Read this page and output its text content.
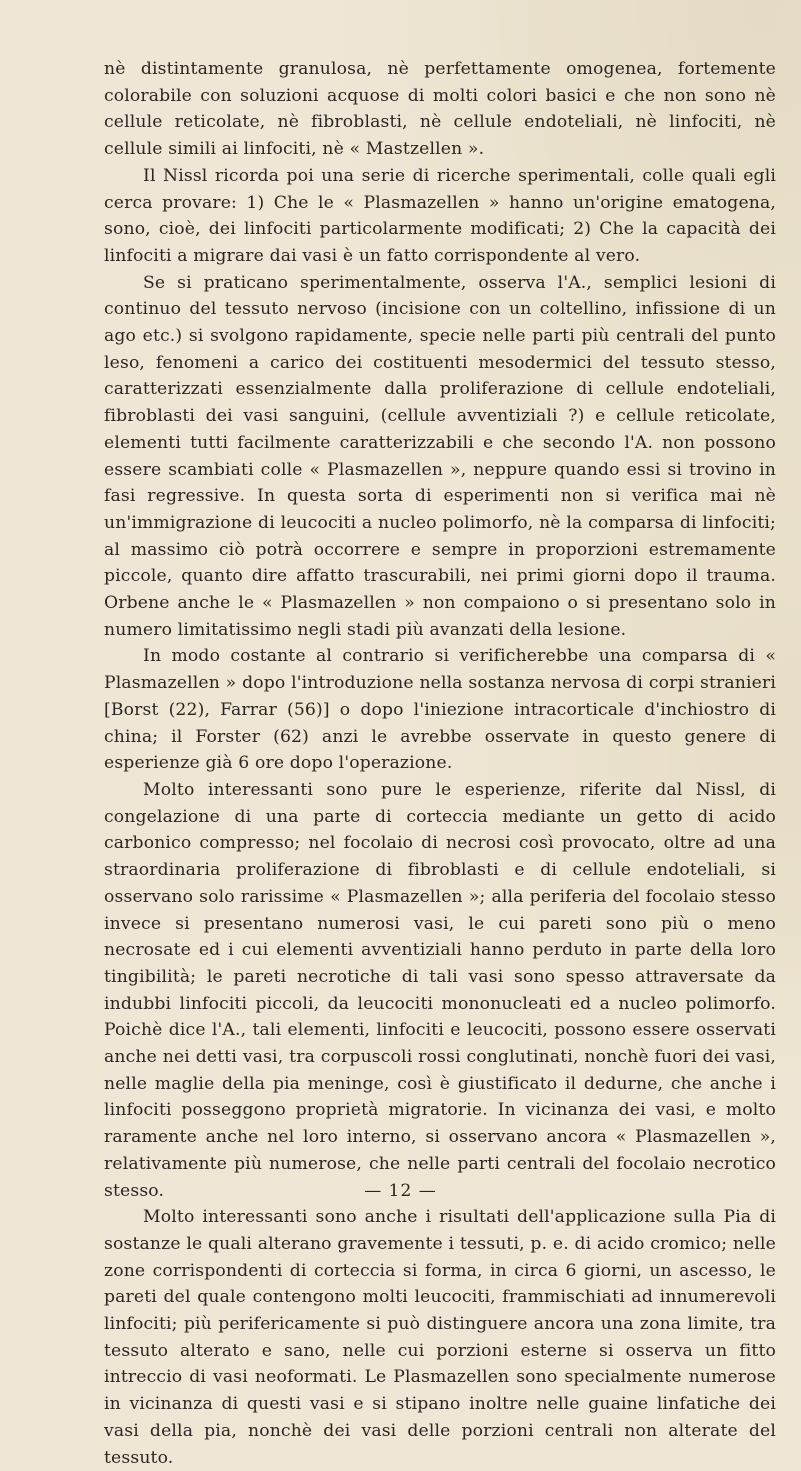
nè distintamente granulosa, nè perfettamente omogenea, fortemente colorabile con soluzioni acquose di molti colori basici e che non sono nè cellule reticolate, nè fibroblasti, nè cellule endoteliali, nè linfociti, nè cellule simili ai linfociti, nè « Mastzellen ».

Il Nissl ricorda poi una serie di ricerche sperimentali, colle quali egli cerca provare: 1) Che le « Plasmazellen » hanno un'origine ematogena, sono, cioè, dei linfociti particolarmente modificati; 2) Che la capacità dei linfociti a migrare dai vasi è un fatto corrispondente al vero.

Se si praticano sperimentalmente, osserva l'A., semplici lesioni di continuo del tessuto nervoso (incisione con un coltellino, infissione di un ago etc.) si svolgono rapidamente, specie nelle parti più centrali del punto leso, fenomeni a carico dei costituenti mesodermici del tessuto stesso, caratterizzati essenzialmente dalla proliferazione di cellule endoteliali, fibroblasti dei vasi sanguini, (cellule avventiziali ?) e cellule reticolate, elementi tutti facilmente caratterizzabili e che secondo l'A. non possono essere scambiati colle « Plasmazellen », neppure quando essi si trovino in fasi regressive. In questa sorta di esperimenti non si verifica mai nè un'immigrazione di leucociti a nucleo polimorfo, nè la comparsa di linfociti; al massimo ciò potrà occorrere e sempre in proporzioni estremamente piccole, quanto dire affatto trascurabili, nei primi giorni dopo il trauma. Orbene anche le « Plasmazellen » non compaiono o si presentano solo in numero limitatissimo negli stadi più avanzati della lesione.

In modo costante al contrario si verificherebbe una comparsa di « Plasmazellen » dopo l'introduzione nella sostanza nervosa di corpi stranieri [Borst (22), Farrar (56)] o dopo l'iniezione intracorticale d'inchiostro di china; il Forster (62) anzi le avrebbe osservate in questo genere di esperienze già 6 ore dopo l'operazione.

Molto interessanti sono pure le esperienze, riferite dal Nissl, di congelazione di una parte di corteccia mediante un getto di acido carbonico compresso; nel focolaio di necrosi così provocato, oltre ad una straordinaria proliferazione di fibroblasti e di cellule endoteliali, si osservano solo rarissime « Plasmazellen »; alla periferia del focolaio stesso invece si presentano numerosi vasi, le cui pareti sono più o meno necrosate ed i cui elementi avventiziali hanno perduto in parte della loro tingibilità; le pareti necrotiche di tali vasi sono spesso attraversate da indubbi linfociti piccoli, da leucociti mononucleati ed a nucleo polimorfo. Poichè dice l'A., tali elementi, linfociti e leucociti, possono essere osservati anche nei detti vasi, tra corpuscoli rossi conglutinati, nonchè fuori dei vasi, nelle maglie della pia meninge, così è giustificato il dedurne, che anche i linfociti posseggono proprietà migratorie. In vicinanza dei vasi, e molto raramente anche nel loro interno, si osservano ancora « Plasmazellen », relativamente più numerose, che nelle parti centrali del focolaio necrotico stesso.

Molto interessanti sono anche i risultati dell'applicazione sulla Pia di sostanze le quali alterano gravemente i tessuti, p. e. di acido cromico; nelle zone corrispondenti di corteccia si forma, in circa 6 giorni, un ascesso, le pareti del quale contengono molti leucociti, frammischiati ad innumerevoli linfociti; più perifericamente si può distinguere ancora una zona limite, tra tessuto alterato e sano, nelle cui porzioni esterne si osserva un fitto intreccio di vasi neoformati. Le Plasmazellen sono specialmente numerose in vicinanza di questi vasi e si stipano inoltre nelle guaine linfatiche dei vasi della pia, nonchè dei vasi delle porzioni centrali non alterate del tessuto.

— 12 —
